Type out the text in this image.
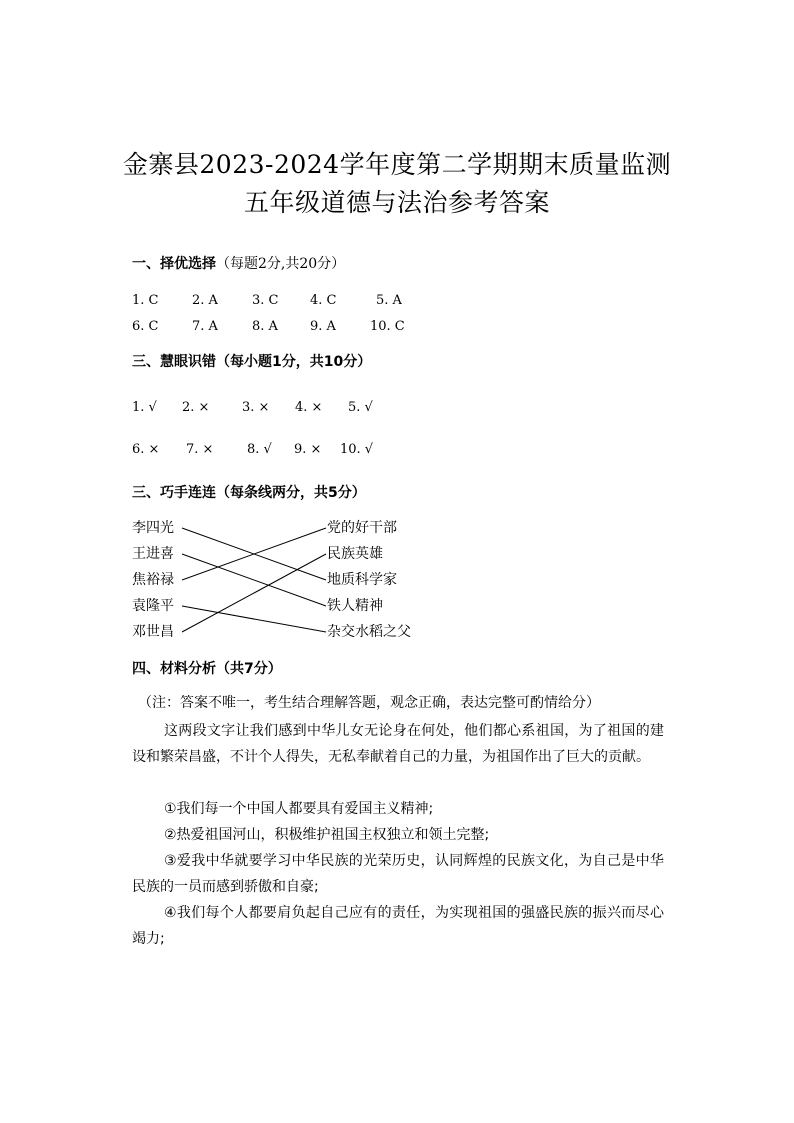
金寨县2023-2024学年度第二学期期末质量监测
五年级道德与法治参考答案
一、择优选择（每题2分,共20分）
1. C	2. A	3. C 4. C	5. A
6. C	7. A	8. A 9. A	10. C
三、慧眼识错（每小题1分，共10分）
1. √ 2. ×	3. × 4. × 5. √
6. × 7. ×	8. √ 9. × 10. √
三、巧手连连（每条线两分，共5分）
李四光
王进喜
焦裕禄
袁隆平
邓世昌
党的好干部
民族英雄
地质科学家
铁人精神
杂交水稻之父
四、材料分析（共7分）
（注：答案不唯一，考生结合理解答题，观念正确，表达完整可酌情给分）
这两段文字让我们感到中华儿女无论身在何处，他们都心系祖国，为了祖国的建设和繁荣昌盛，不计个人得失，无私奉献着自己的力量，为祖国作出了巨大的贡献。
①我们每一个中国人都要具有爱国主义精神;
②热爱祖国河山，积极维护祖国主权独立和领土完整;
③爱我中华就要学习中华民族的光荣历史，认同辉煌的民族文化，为自己是中华民族的一员而感到骄傲和自豪;
④我们每个人都要肩负起自己应有的责任，为实现祖国的强盛民族的振兴而尽心竭力;
